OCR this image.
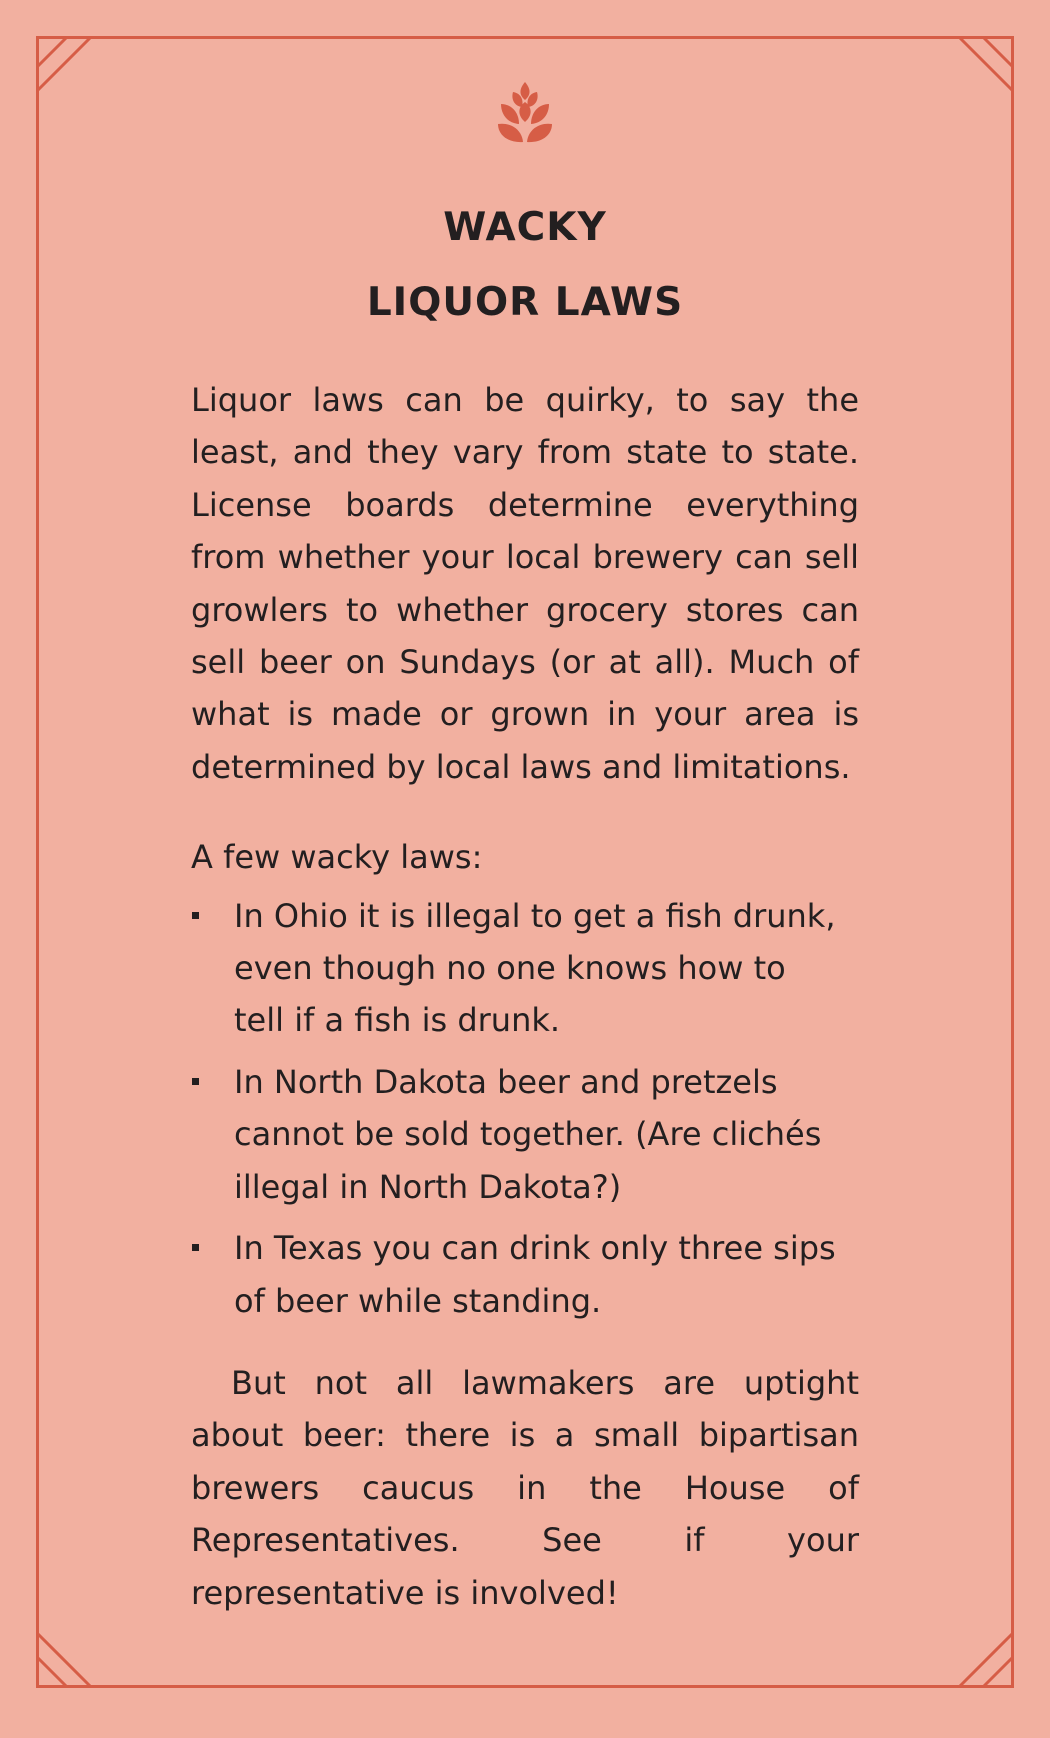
WACKY
LIQUOR LAWS

Liquor laws can be quirky, to say the least, and they vary from state to state. License boards determine everything from whether your local brewery can sell growlers to whether grocery stores can sell beer on Sundays (or at all). Much of what is made or grown in your area is determined by local laws and limitations.

A few wacky laws:

In Ohio it is illegal to get a fish drunk, even though no one knows how to tell if a fish is drunk.
In North Dakota beer and pretzels cannot be sold together. (Are clichés illegal in North Dakota?)
In Texas you can drink only three sips of beer while standing.

But not all lawmakers are uptight about beer: there is a small bipartisan brewers caucus in the House of Representatives. See if your representative is involved!
